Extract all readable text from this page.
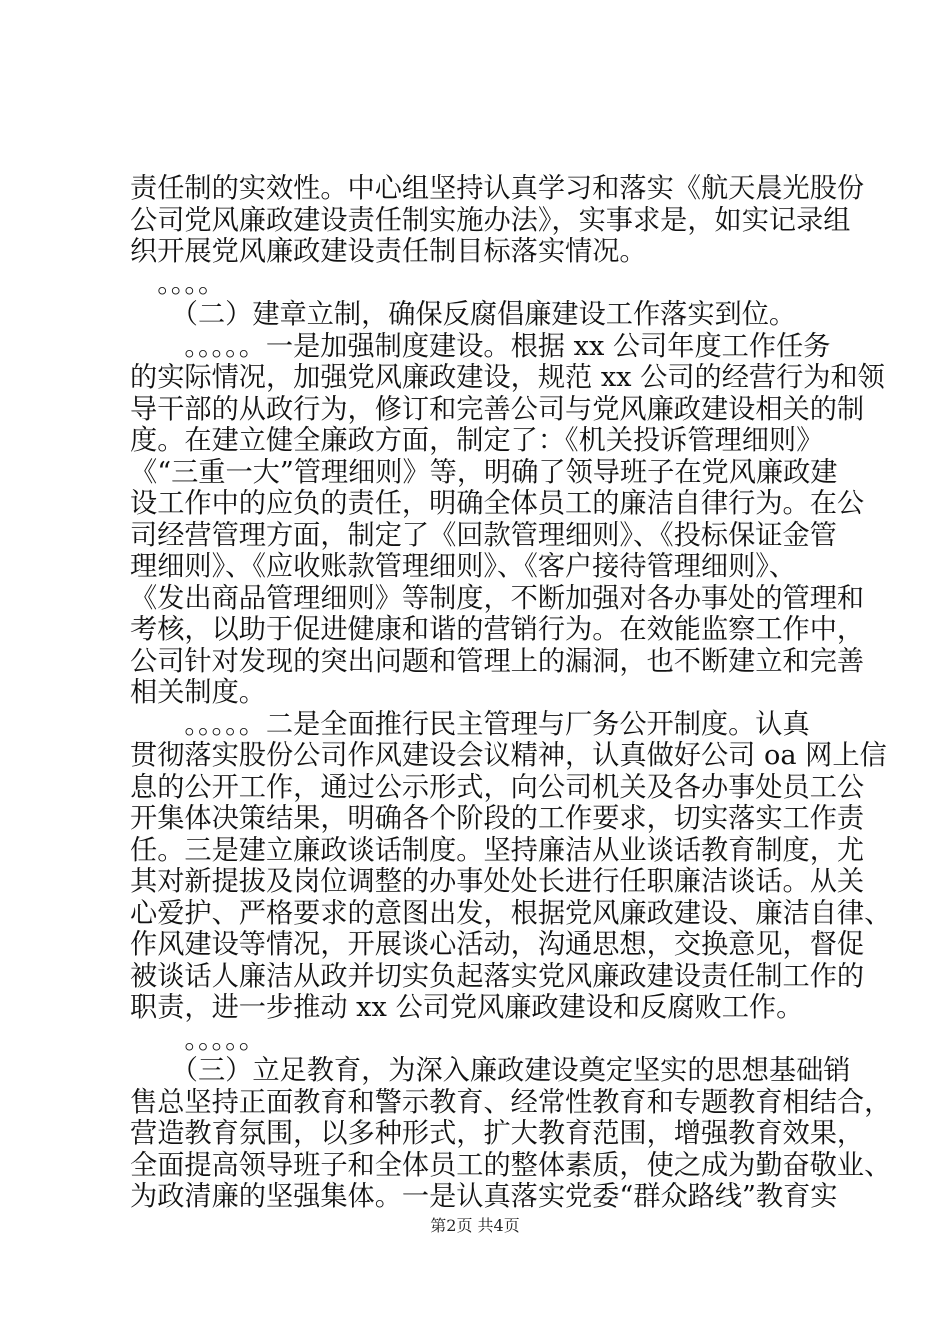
责任制的实效性。中心组坚持认真学习和落实《航天晨光股份
公司党风廉政建设责任制实施办法》，实事求是，如实记录组
织开展党风廉政建设责任制目标落实情况。
　。。。。
　　（二）建章立制，确保反腐倡廉建设工作落实到位。
　　。。。。。一是加强制度建设。根据 xx 公司年度工作任务
的实际情况，加强党风廉政建设，规范 xx 公司的经营行为和领
导干部的从政行为，修订和完善公司与党风廉政建设相关的制
度。在建立健全廉政方面，制定了：《机关投诉管理细则》
《“三重一大”管理细则》等，明确了领导班子在党风廉政建
设工作中的应负的责任，明确全体员工的廉洁自律行为。在公
司经营管理方面，制定了《回款管理细则》、《投标保证金管
理细则》、《应收账款管理细则》、《客户接待管理细则》、
《发出商品管理细则》等制度，不断加强对各办事处的管理和
考核，以助于促进健康和谐的营销行为。在效能监察工作中，
公司针对发现的突出问题和管理上的漏洞，也不断建立和完善
相关制度。
　　。。。。。二是全面推行民主管理与厂务公开制度。认真
贯彻落实股份公司作风建设会议精神，认真做好公司 oa 网上信
息的公开工作，通过公示形式，向公司机关及各办事处员工公
开集体决策结果，明确各个阶段的工作要求，切实落实工作责
任。三是建立廉政谈话制度。坚持廉洁从业谈话教育制度，尤
其对新提拔及岗位调整的办事处处长进行任职廉洁谈话。从关
心爱护、严格要求的意图出发，根据党风廉政建设、廉洁自律、
作风建设等情况，开展谈心活动，沟通思想，交换意见，督促
被谈话人廉洁从政并切实负起落实党风廉政建设责任制工作的
职责，进一步推动 xx 公司党风廉政建设和反腐败工作。
　　。。。。。
　　（三）立足教育，为深入廉政建设奠定坚实的思想基础销
售总坚持正面教育和警示教育、经常性教育和专题教育相结合，
营造教育氛围，以多种形式，扩大教育范围，增强教育效果，
全面提高领导班子和全体员工的整体素质，使之成为勤奋敬业、
为政清廉的坚强集体。一是认真落实党委“群众路线”教育实
第2页 共4页
